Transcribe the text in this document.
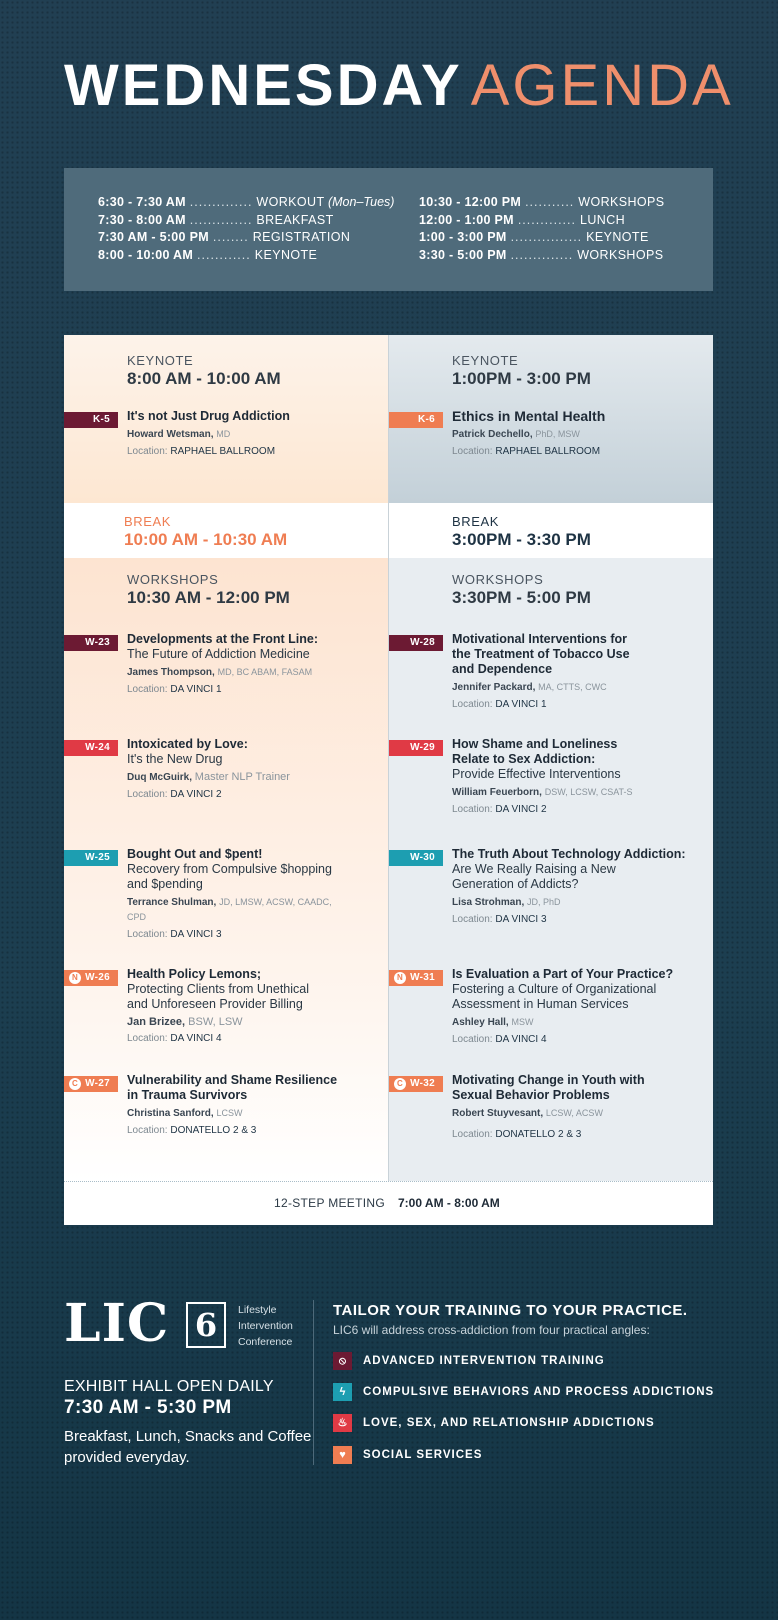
WEDNESDAY AGENDA
6:30 - 7:30 AM .............. WORKOUT
(Mon–Tues)
7:30 - 8:00 AM .............. BREAKFAST
7:30 AM - 5:00 PM ........ REGISTRATION
8:00 - 10:00 AM ............ KEYNOTE
10:30 - 12:00 PM ........... WORKSHOPS
12:00 - 1:00 PM ............. LUNCH
1:00 - 3:00 PM ................ KEYNOTE
3:30 - 5:00 PM .............. WORKSHOPS
KEYNOTE
8:00 AM - 10:00 AM
K-5	It's not Just Drug Addiction
Howard Wetsman, MD
Location: RAPHAEL BALLROOM
KEYNOTE
1:00PM - 3:00 PM
K-6	Ethics in Mental Health
Patrick Dechello, PhD, MSW
Location: RAPHAEL BALLROOM
BREAK
10:00 AM - 10:30 AM
BREAK
3:00PM - 3:30 PM
WORKSHOPS
10:30 AM - 12:00 PM
W-23	Developments at the Front Line:
The Future of Addiction Medicine
James Thompson, MD, BC ABAM, FASAM
Location: DA VINCI 1
W-24	Intoxicated by Love:
It's the New Drug
Duq McGuirk, Master NLP Trainer
Location: DA VINCI 2
W-25	Bought Out and $pent!
Recovery from Compulsive $hopping and $pending
Terrance Shulman, JD, LMSW, ACSW, CAADC, CPD
Location: DA VINCI 3
N W-26	Health Policy Lemons;
Protecting Clients from Unethical and Unforeseen Provider Billing
Jan Brizee, BSW, LSW
Location: DA VINCI 4
C W-27	Vulnerability and Shame Resilience in Trauma Survivors
Christina Sanford, LCSW
Location: DONATELLO 2 & 3
WORKSHOPS
3:30PM - 5:00 PM
W-28	Motivational Interventions for the Treatment of Tobacco Use and Dependence
Jennifer Packard, MA, CTTS, CWC
Location: DA VINCI 1
W-29	How Shame and Loneliness Relate to Sex Addiction:
Provide Effective Interventions
William Feuerborn, DSW, LCSW, CSAT-S
Location: DA VINCI 2
W-30	The Truth About Technology Addiction:
Are We Really Raising a New Generation of Addicts?
Lisa Strohman, JD, PhD
Location: DA VINCI 3
N W-31	Is Evaluation a Part of Your Practice?
Fostering a Culture of Organizational Assessment in Human Services
Ashley Hall, MSW
Location: DA VINCI 4
C W-32	Motivating Change in Youth with Sexual Behavior Problems
Robert Stuyvesant, LCSW, ACSW
Location: DONATELLO 2 & 3
12-STEP MEETING 7:00 AM - 8:00 AM
LIC 6	Lifestyle
Intervention
Conference
EXHIBIT HALL OPEN DAILY
7:30 AM - 5:30 PM
Breakfast, Lunch, Snacks and Coffee provided everyday.
TAILOR YOUR TRAINING TO YOUR PRACTICE.
LIC6 will address cross-addiction from four practical angles:
⦸	ADVANCED INTERVENTION TRAINING
ϟ	COMPULSIVE BEHAVIORS AND PROCESS ADDICTIONS
♨	LOVE, SEX, AND RELATIONSHIP ADDICTIONS
♥	SOCIAL SERVICES
